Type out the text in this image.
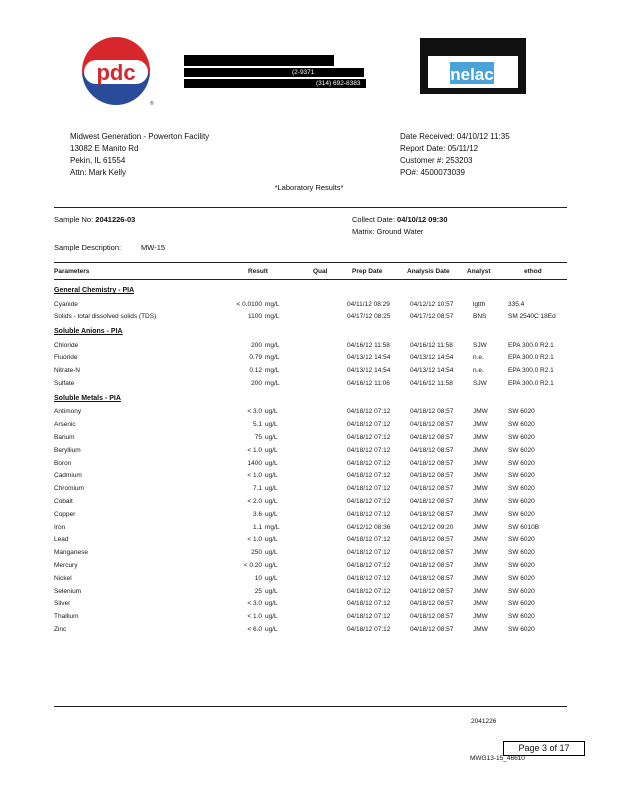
pdc
®
(2-9371
(314) 692-8383	nelac
Midwest Generation - Powerton Facility
13082 E Manito Rd
Pekin, IL 61554
Attn: Mark Kelly
Date Received: 04/10/12 11:35
Report Date: 05/11/12
Customer #: 253203
PO#: 4500073039
*Laboratory Results*
Sample No: 2041226-03	Collect Date: 04/10/12 09:30
Matrix: Ground Water
Sample Description:	MW-15
Parameters	Result	Qual	Prep Date	Analysis Date	Analyst	ethod
General Chemistry - PIA
Cyanide	< 0.0100 mg/L	04/11/12 08:29	04/12/12 10:57	lgtth	335.4
Solids - total dissolved solids (TDS)	1100 mg/L	04/17/12 08:25	04/17/12 08:57	BNS	SM 2540C 18Ed
Soluble Anions - PIA
Chloride	200 mg/L	04/16/12 11:58	04/16/12 11:58	SJW	EPA 300.0 R2.1
Fluoride	0.79 mg/L	04/13/12 14:54	04/13/12 14:54	n.e.	EPA 300.0 R2.1
Nitrate-N	0.12 mg/L	04/13/12 14:54	04/13/12 14:54	n.e.	EPA 300.0 R2.1
Sulfate	200 mg/L	04/16/12 11:06	04/16/12 11:58	SJW	EPA 300.0 R2.1
Soluble Metals - PIA
Antimony	< 3.0 ug/L	04/18/12 07:12	04/18/12 08:57	JMW	SW 6020
Arsenic	5.1 ug/L	04/18/12 07:12	04/18/12 08:57	JMW	SW 6020
Barium	75 ug/L	04/18/12 07:12	04/18/12 08:57	JMW	SW 6020
Beryllium	< 1.0 ug/L	04/18/12 07:12	04/18/12 08:57	JMW	SW 6020
Boron	1400 ug/L	04/18/12 07:12	04/18/12 08:57	JMW	SW 6020
Cadmium	< 1.0 ug/L	04/18/12 07:12	04/18/12 08:57	JMW	SW 6020
Chromium	7.1 ug/L	04/18/12 07:12	04/18/12 08:57	JMW	SW 6020
Cobalt	< 2.0 ug/L	04/18/12 07:12	04/18/12 08:57	JMW	SW 6020
Copper	3.6 ug/L	04/18/12 07:12	04/18/12 08:57	JMW	SW 6020
Iron	1.1 mg/L	04/12/12 08:36	04/12/12 09:20	JMW	SW 6010B
Lead	< 1.0 ug/L	04/18/12 07:12	04/18/12 08:57	JMW	SW 6020
Manganese	250 ug/L	04/18/12 07:12	04/18/12 08:57	JMW	SW 6020
Mercury	< 0.20 ug/L	04/18/12 07:12	04/18/12 08:57	JMW	SW 6020
Nickel	10 ug/L	04/18/12 07:12	04/18/12 08:57	JMW	SW 6020
Selenium	25 ug/L	04/18/12 07:12	04/18/12 08:57	JMW	SW 6020
Silver	< 3.0 ug/L	04/18/12 07:12	04/18/12 08:57	JMW	SW 6020
Thallium	< 1.0 ug/L	04/18/12 07:12	04/18/12 08:57	JMW	SW 6020
Zinc	< 6.0 ug/L	04/18/12 07:12	04/18/12 08:57	JMW	SW 6020
2041226
Page 3 of 17
MWG13-15_46610
